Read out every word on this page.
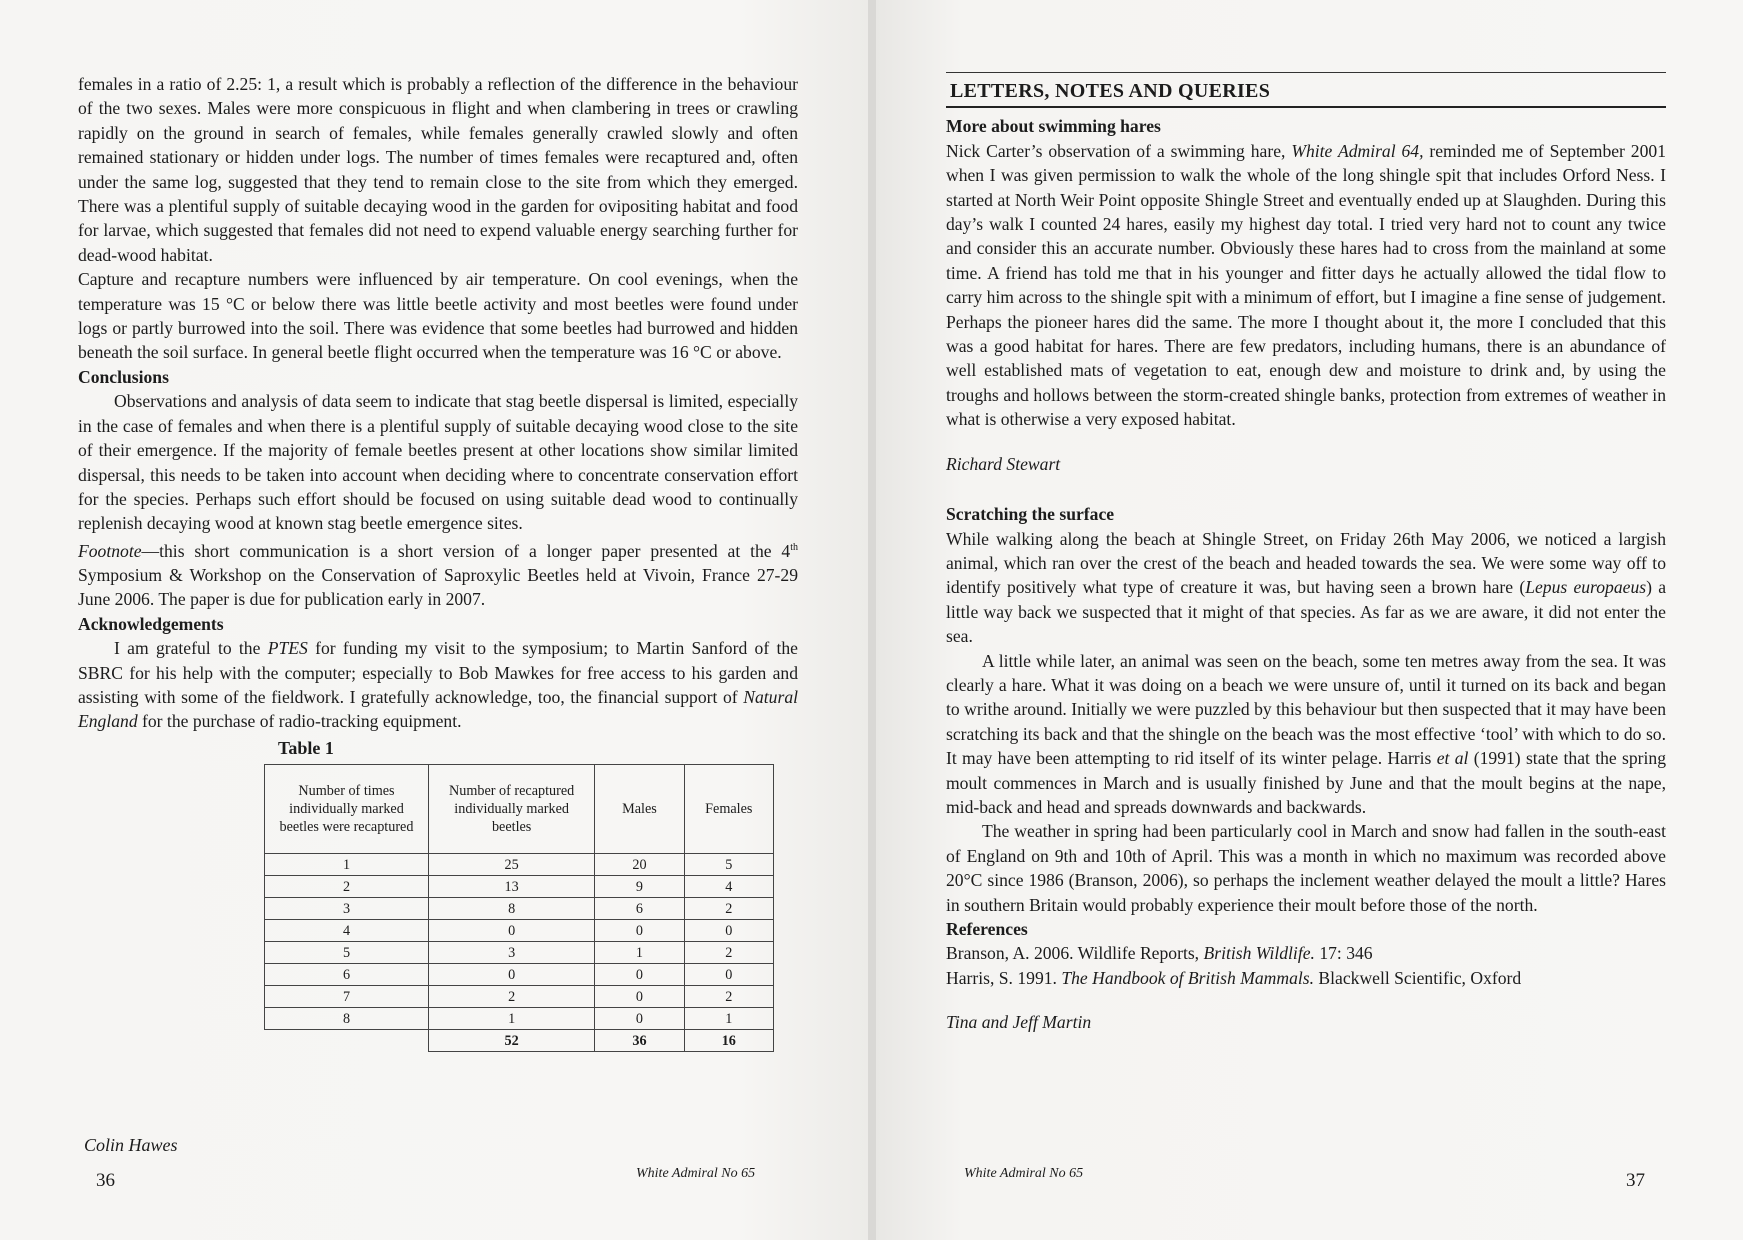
females in a ratio of 2.25: 1, a result which is probably a reflection of the difference in the behaviour of the two sexes. Males were more conspicuous in flight and when clambering in trees or crawling rapidly on the ground in search of females, while females generally crawled slowly and often remained stationary or hidden under logs. The number of times females were recaptured and, often under the same log, suggested that they tend to remain close to the site from which they emerged. There was a plentiful supply of suitable decaying wood in the garden for ovipositing habitat and food for larvae, which suggested that females did not need to expend valuable energy searching further for dead-wood habitat.

Capture and recapture numbers were influenced by air temperature. On cool evenings, when the temperature was 15 °C or below there was little beetle activity and most beetles were found under logs or partly burrowed into the soil. There was evidence that some beetles had burrowed and hidden beneath the soil surface. In general beetle flight occurred when the temperature was 16 °C or above.

Conclusions

Observations and analysis of data seem to indicate that stag beetle dispersal is limited, especially in the case of females and when there is a plentiful supply of suitable decaying wood close to the site of their emergence. If the majority of female beetles present at other locations show similar limited dispersal, this needs to be taken into account when deciding where to concentrate conservation effort for the species. Perhaps such effort should be focused on using suitable dead wood to continually replenish decaying wood at known stag beetle emergence sites.

Footnote—this short communication is a short version of a longer paper presented at the 4th Symposium & Workshop on the Conservation of Saproxylic Beetles held at Vivoin, France 27-29 June 2006. The paper is due for publication early in 2007.

Acknowledgements

I am grateful to the PTES for funding my visit to the symposium; to Martin Sanford of the SBRC for his help with the computer; especially to Bob Mawkes for free access to his garden and assisting with some of the fieldwork. I gratefully acknowledge, too, the financial support of Natural England for the purchase of radio-tracking equipment.

Table 1
Number of times individually marked beetles were recaptured	Number of recaptured individually marked beetles	Males	Females
1	25	20	5
2	13	9	4
3	8	6	2
4	0	0	0
5	3	1	2
6	0	0	0
7	2	0	2
8	1	0	1
	52	36	16
Colin Hawes
36	White Admiral No 65
LETTERS, NOTES AND QUERIES
More about swimming hares

Nick Carter’s observation of a swimming hare, White Admiral 64, reminded me of September 2001 when I was given permission to walk the whole of the long shingle spit that includes Orford Ness. I started at North Weir Point opposite Shingle Street and eventually ended up at Slaughden. During this day’s walk I counted 24 hares, easily my highest day total. I tried very hard not to count any twice and consider this an accurate number. Obviously these hares had to cross from the mainland at some time. A friend has told me that in his younger and fitter days he actually allowed the tidal flow to carry him across to the shingle spit with a minimum of effort, but I imagine a fine sense of judgement. Perhaps the pioneer hares did the same. The more I thought about it, the more I concluded that this was a good habitat for hares. There are few predators, including humans, there is an abundance of well established mats of vegetation to eat, enough dew and moisture to drink and, by using the troughs and hollows between the storm-created shingle banks, protection from extremes of weather in what is otherwise a very exposed habitat.

Richard Stewart

Scratching the surface

While walking along the beach at Shingle Street, on Friday 26th May 2006, we noticed a largish animal, which ran over the crest of the beach and headed towards the sea. We were some way off to identify positively what type of creature it was, but having seen a brown hare (Lepus europaeus) a little way back we suspected that it might of that species. As far as we are aware, it did not enter the sea.

A little while later, an animal was seen on the beach, some ten metres away from the sea. It was clearly a hare. What it was doing on a beach we were unsure of, until it turned on its back and began to writhe around. Initially we were puzzled by this behaviour but then suspected that it may have been scratching its back and that the shingle on the beach was the most effective ‘tool’ with which to do so. It may have been attempting to rid itself of its winter pelage. Harris et al (1991) state that the spring moult commences in March and is usually finished by June and that the moult begins at the nape, mid-back and head and spreads downwards and backwards.

The weather in spring had been particularly cool in March and snow had fallen in the south-east of England on 9th and 10th of April. This was a month in which no maximum was recorded above 20°C since 1986 (Branson, 2006), so perhaps the inclement weather delayed the moult a little? Hares in southern Britain would probably experience their moult before those of the north.

References

Branson, A. 2006. Wildlife Reports, British Wildlife. 17: 346

Harris, S. 1991. The Handbook of British Mammals. Blackwell Scientific, Oxford

Tina and Jeff Martin

White Admiral No 65	37
